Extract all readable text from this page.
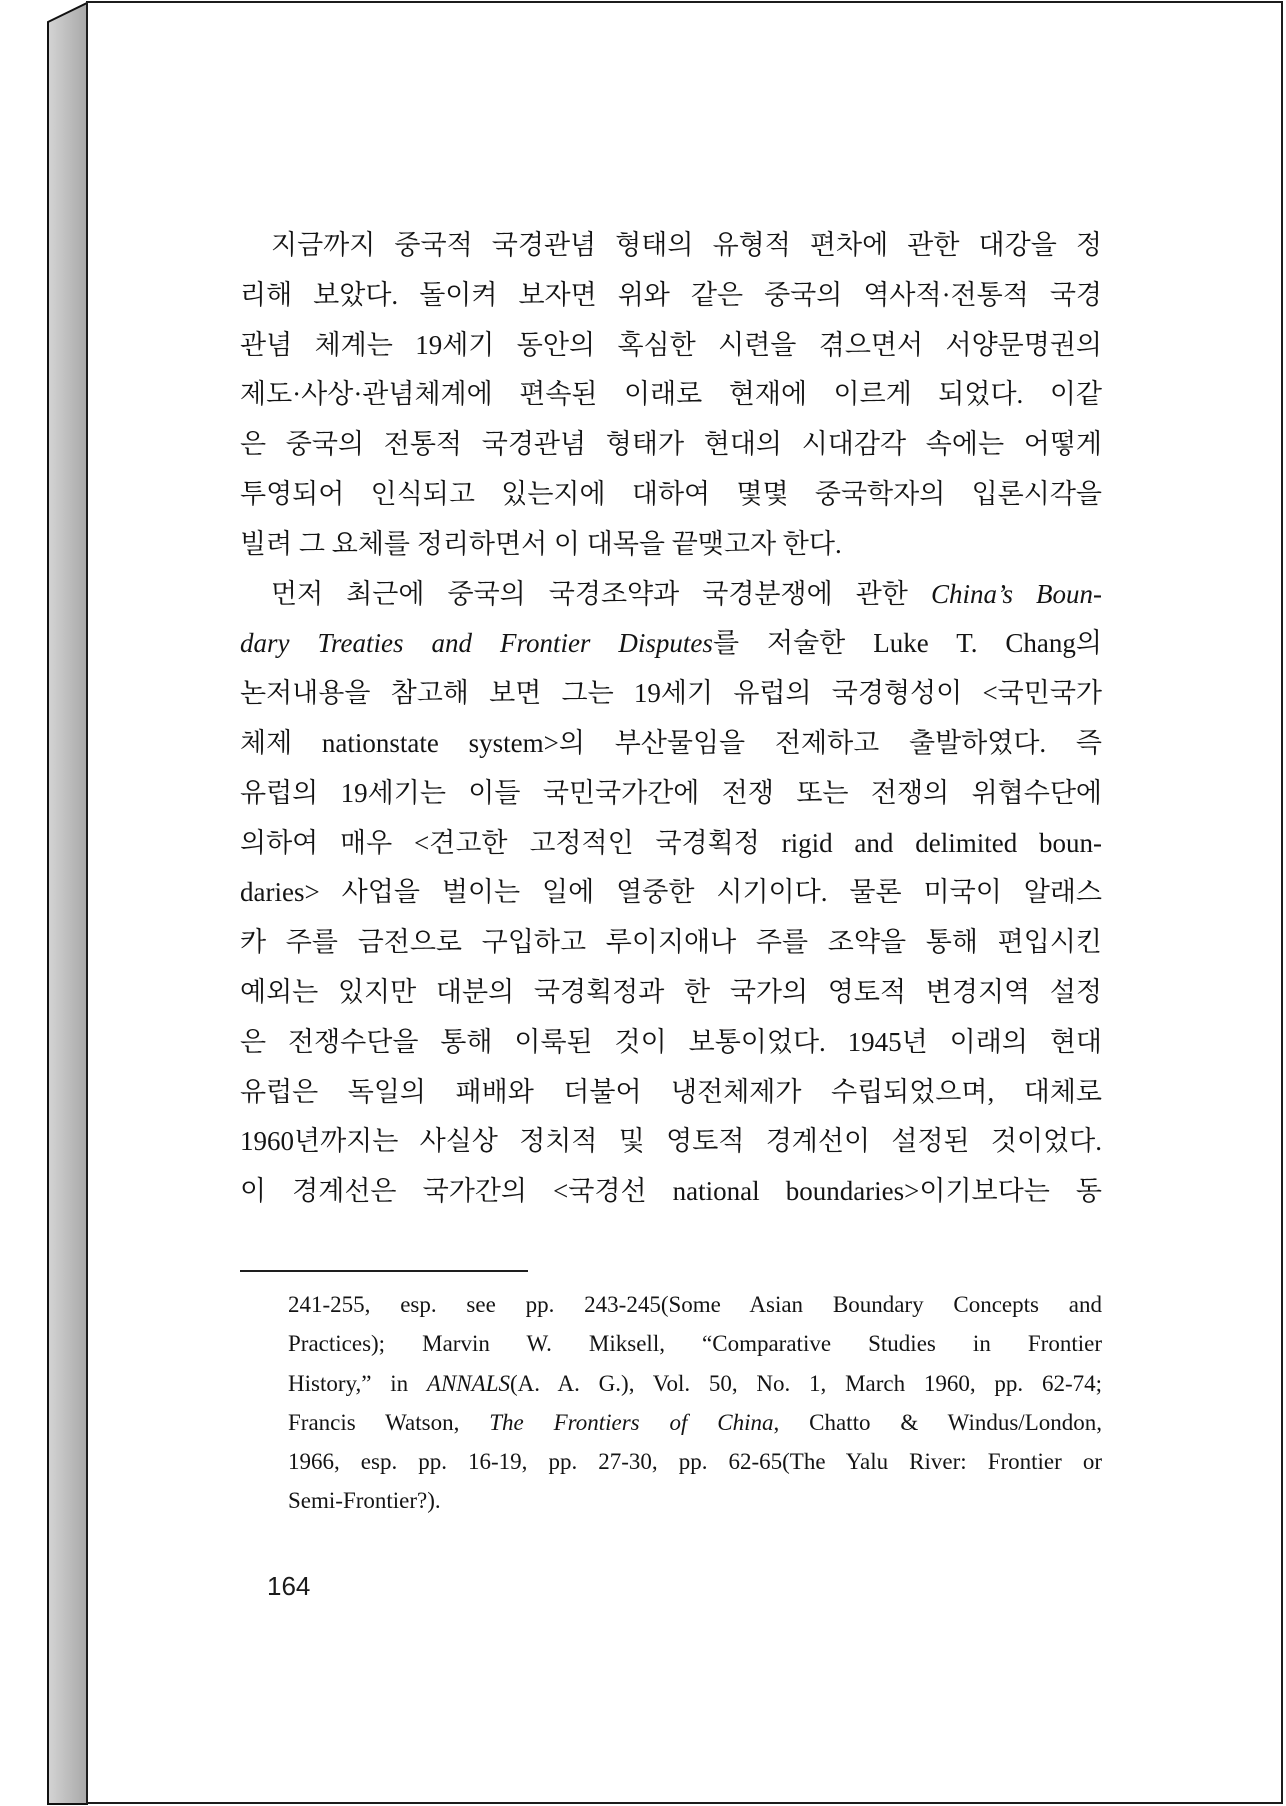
지금까지 중국적 국경관념 형태의 유형적 편차에 관한 대강을 정
리해 보았다. 돌이켜 보자면 위와 같은 중국의 역사적·전통적 국경
관념 체계는 19세기 동안의 혹심한 시련을 겪으면서 서양문명권의
제도·사상·관념체계에 편속된 이래로 현재에 이르게 되었다. 이같
은 중국의 전통적 국경관념 형태가 현대의 시대감각 속에는 어떻게
투영되어 인식되고 있는지에 대하여 몇몇 중국학자의 입론시각을
빌려 그 요체를 정리하면서 이 대목을 끝맺고자 한다.
먼저 최근에 중국의 국경조약과 국경분쟁에 관한 China’s Boun-
dary Treaties and Frontier Disputes를 저술한 Luke T. Chang의
논저내용을 참고해 보면 그는 19세기 유럽의 국경형성이 <국민국가
체제 nationstate system>의 부산물임을 전제하고 출발하였다. 즉
유럽의 19세기는 이들 국민국가간에 전쟁 또는 전쟁의 위협수단에
의하여 매우 <견고한 고정적인 국경획정 rigid and delimited boun-
daries> 사업을 벌이는 일에 열중한 시기이다. 물론 미국이 알래스
카 주를 금전으로 구입하고 루이지애나 주를 조약을 통해 편입시킨
예외는 있지만 대분의 국경획정과 한 국가의 영토적 변경지역 설정
은 전쟁수단을 통해 이룩된 것이 보통이었다. 1945년 이래의 현대
유럽은 독일의 패배와 더불어 냉전체제가 수립되었으며, 대체로
1960년까지는 사실상 정치적 및 영토적 경계선이 설정된 것이었다.
이 경계선은 국가간의 <국경선 national boundaries>이기보다는 동
241-255, esp. see pp. 243-245(Some Asian Boundary Concepts and
Practices); Marvin W. Miksell, “Comparative Studies in Frontier
History,” in ANNALS(A. A. G.), Vol. 50, No. 1, March 1960, pp. 62-74;
Francis Watson, The Frontiers of China, Chatto & Windus/London,
1966, esp. pp. 16-19, pp. 27-30, pp. 62-65(The Yalu River: Frontier or
Semi-Frontier?).
164
